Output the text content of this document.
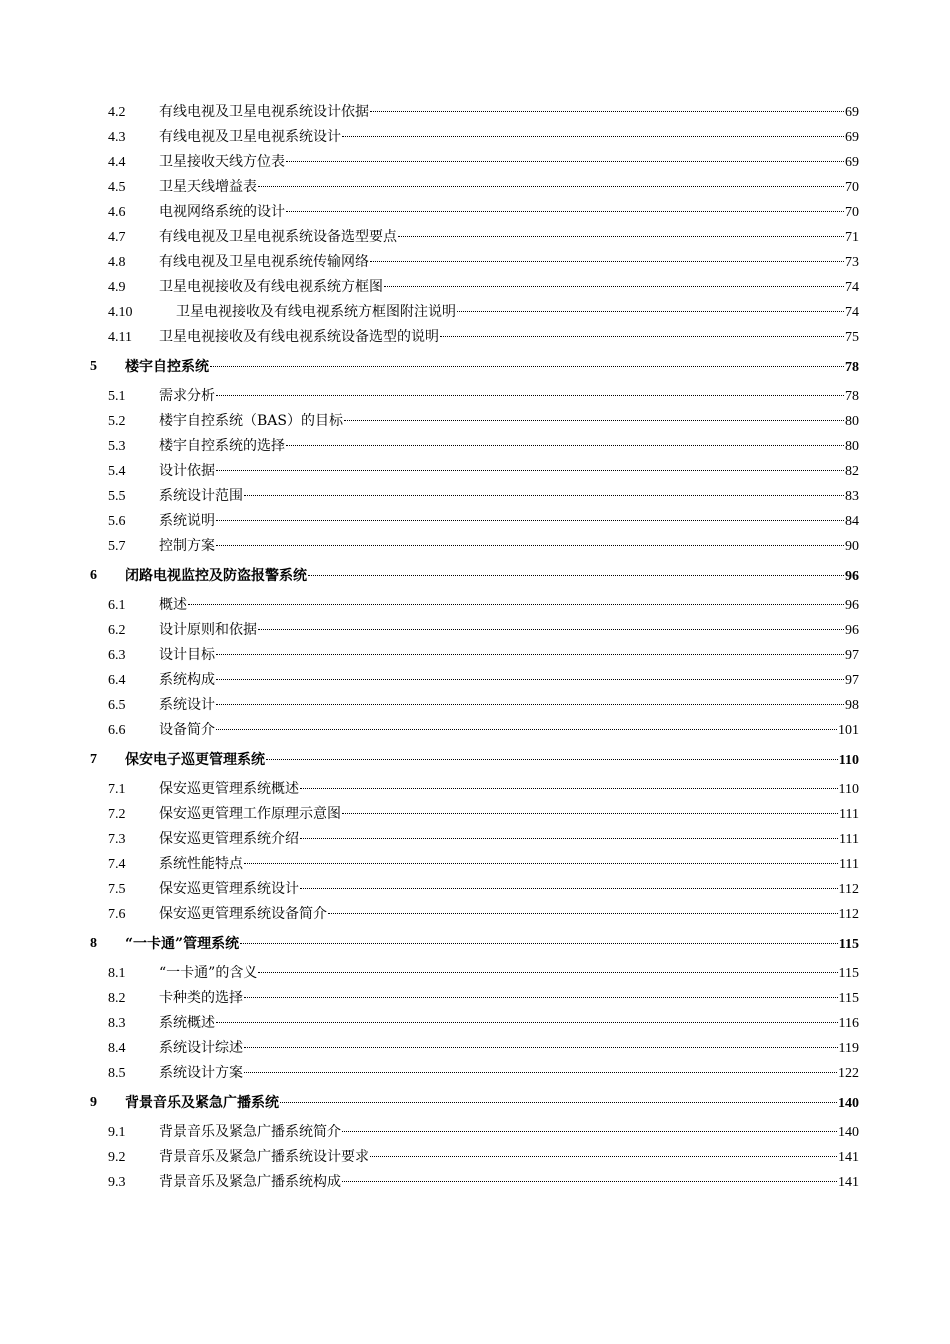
4.2 有线电视及卫星电视系统设计依据	69
4.3 有线电视及卫星电视系统设计	69
4.4 卫星接收天线方位表	69
4.5 卫星天线增益表	70
4.6 电视网络系统的设计	70
4.7 有线电视及卫星电视系统设备选型要点	71
4.8 有线电视及卫星电视系统传输网络	73
4.9 卫星电视接收及有线电视系统方框图	74
4.10	卫星电视接收及有线电视系统方框图附注说明	74
4.11 卫星电视接收及有线电视系统设备选型的说明	75
5 楼宇自控系统	78
5.1 需求分析	78
5.2 楼宇自控系统（BAS）的目标	80
5.3 楼宇自控系统的选择	80
5.4 设计依据	82
5.5 系统设计范围	83
5.6 系统说明	84
5.7 控制方案	90
6 闭路电视监控及防盗报警系统	96
6.1 概述	96
6.2 设计原则和依据	96
6.3 设计目标	97
6.4 系统构成	97
6.5 系统设计	98
6.6 设备简介	101
7 保安电子巡更管理系统	110
7.1 保安巡更管理系统概述	110
7.2 保安巡更管理工作原理示意图	111
7.3 保安巡更管理系统介绍	111
7.4 系统性能特点	111
7.5 保安巡更管理系统设计	112
7.6 保安巡更管理系统设备简介	112
8 “一卡通”管理系统	115
8.1 “一卡通”的含义	115
8.2 卡种类的选择	115
8.3 系统概述	116
8.4 系统设计综述	119
8.5 系统设计方案	122
9 背景音乐及紧急广播系统	140
9.1 背景音乐及紧急广播系统简介	140
9.2 背景音乐及紧急广播系统设计要求	141
9.3 背景音乐及紧急广播系统构成	141
